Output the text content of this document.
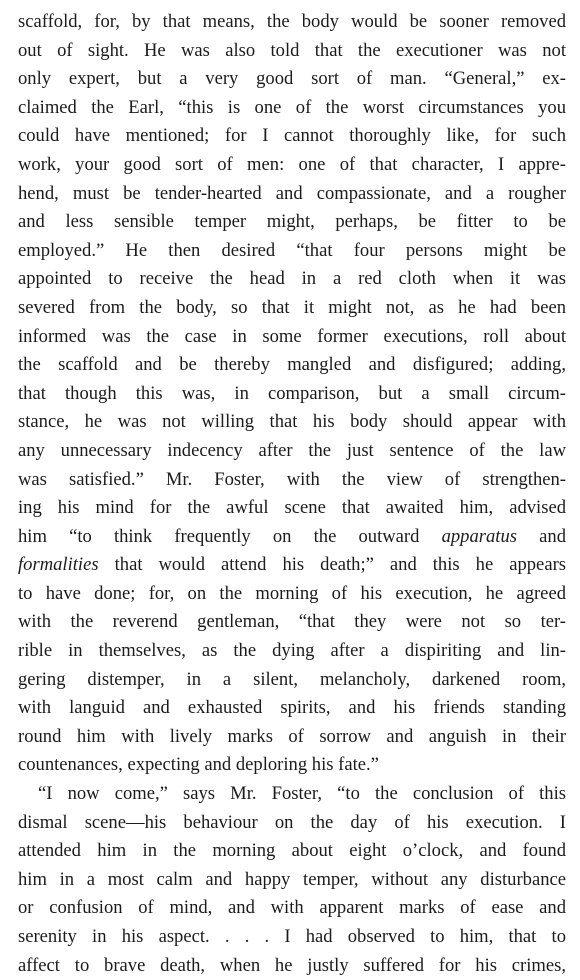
scaffold, for, by that means, the body would be sooner removed
out of sight. He was also told that the executioner was not
only expert, but a very good sort of man. “General,” ex-
claimed the Earl, “this is one of the worst circumstances you
could have mentioned; for I cannot thoroughly like, for such
work, your good sort of men: one of that character, I appre-
hend, must be tender-hearted and compassionate, and a rougher
and less sensible temper might, perhaps, be fitter to be
employed.” He then desired “that four persons might be
appointed to receive the head in a red cloth when it was
severed from the body, so that it might not, as he had been
informed was the case in some former executions, roll about
the scaffold and be thereby mangled and disfigured; adding,
that though this was, in comparison, but a small circum-
stance, he was not willing that his body should appear with
any unnecessary indecency after the just sentence of the law
was satisfied.” Mr. Foster, with the view of strengthen-
ing his mind for the awful scene that awaited him, advised
him “to think frequently on the outward apparatus and
formalities that would attend his death;” and this he appears
to have done; for, on the morning of his execution, he agreed
with the reverend gentleman, “that they were not so ter-
rible in themselves, as the dying after a dispiriting and lin-
gering distemper, in a silent, melancholy, darkened room,
with languid and exhausted spirits, and his friends standing
round him with lively marks of sorrow and anguish in their
countenances, expecting and deploring his fate.”
“I now come,” says Mr. Foster, “to the conclusion of this
dismal scene—his behaviour on the day of his execution. I
attended him in the morning about eight o’clock, and found
him in a most calm and happy temper, without any disturbance
or confusion of mind, and with apparent marks of ease and
serenity in his aspect. . . . I had observed to him, that to
affect to brave death, when he justly suffered for his crimes,
